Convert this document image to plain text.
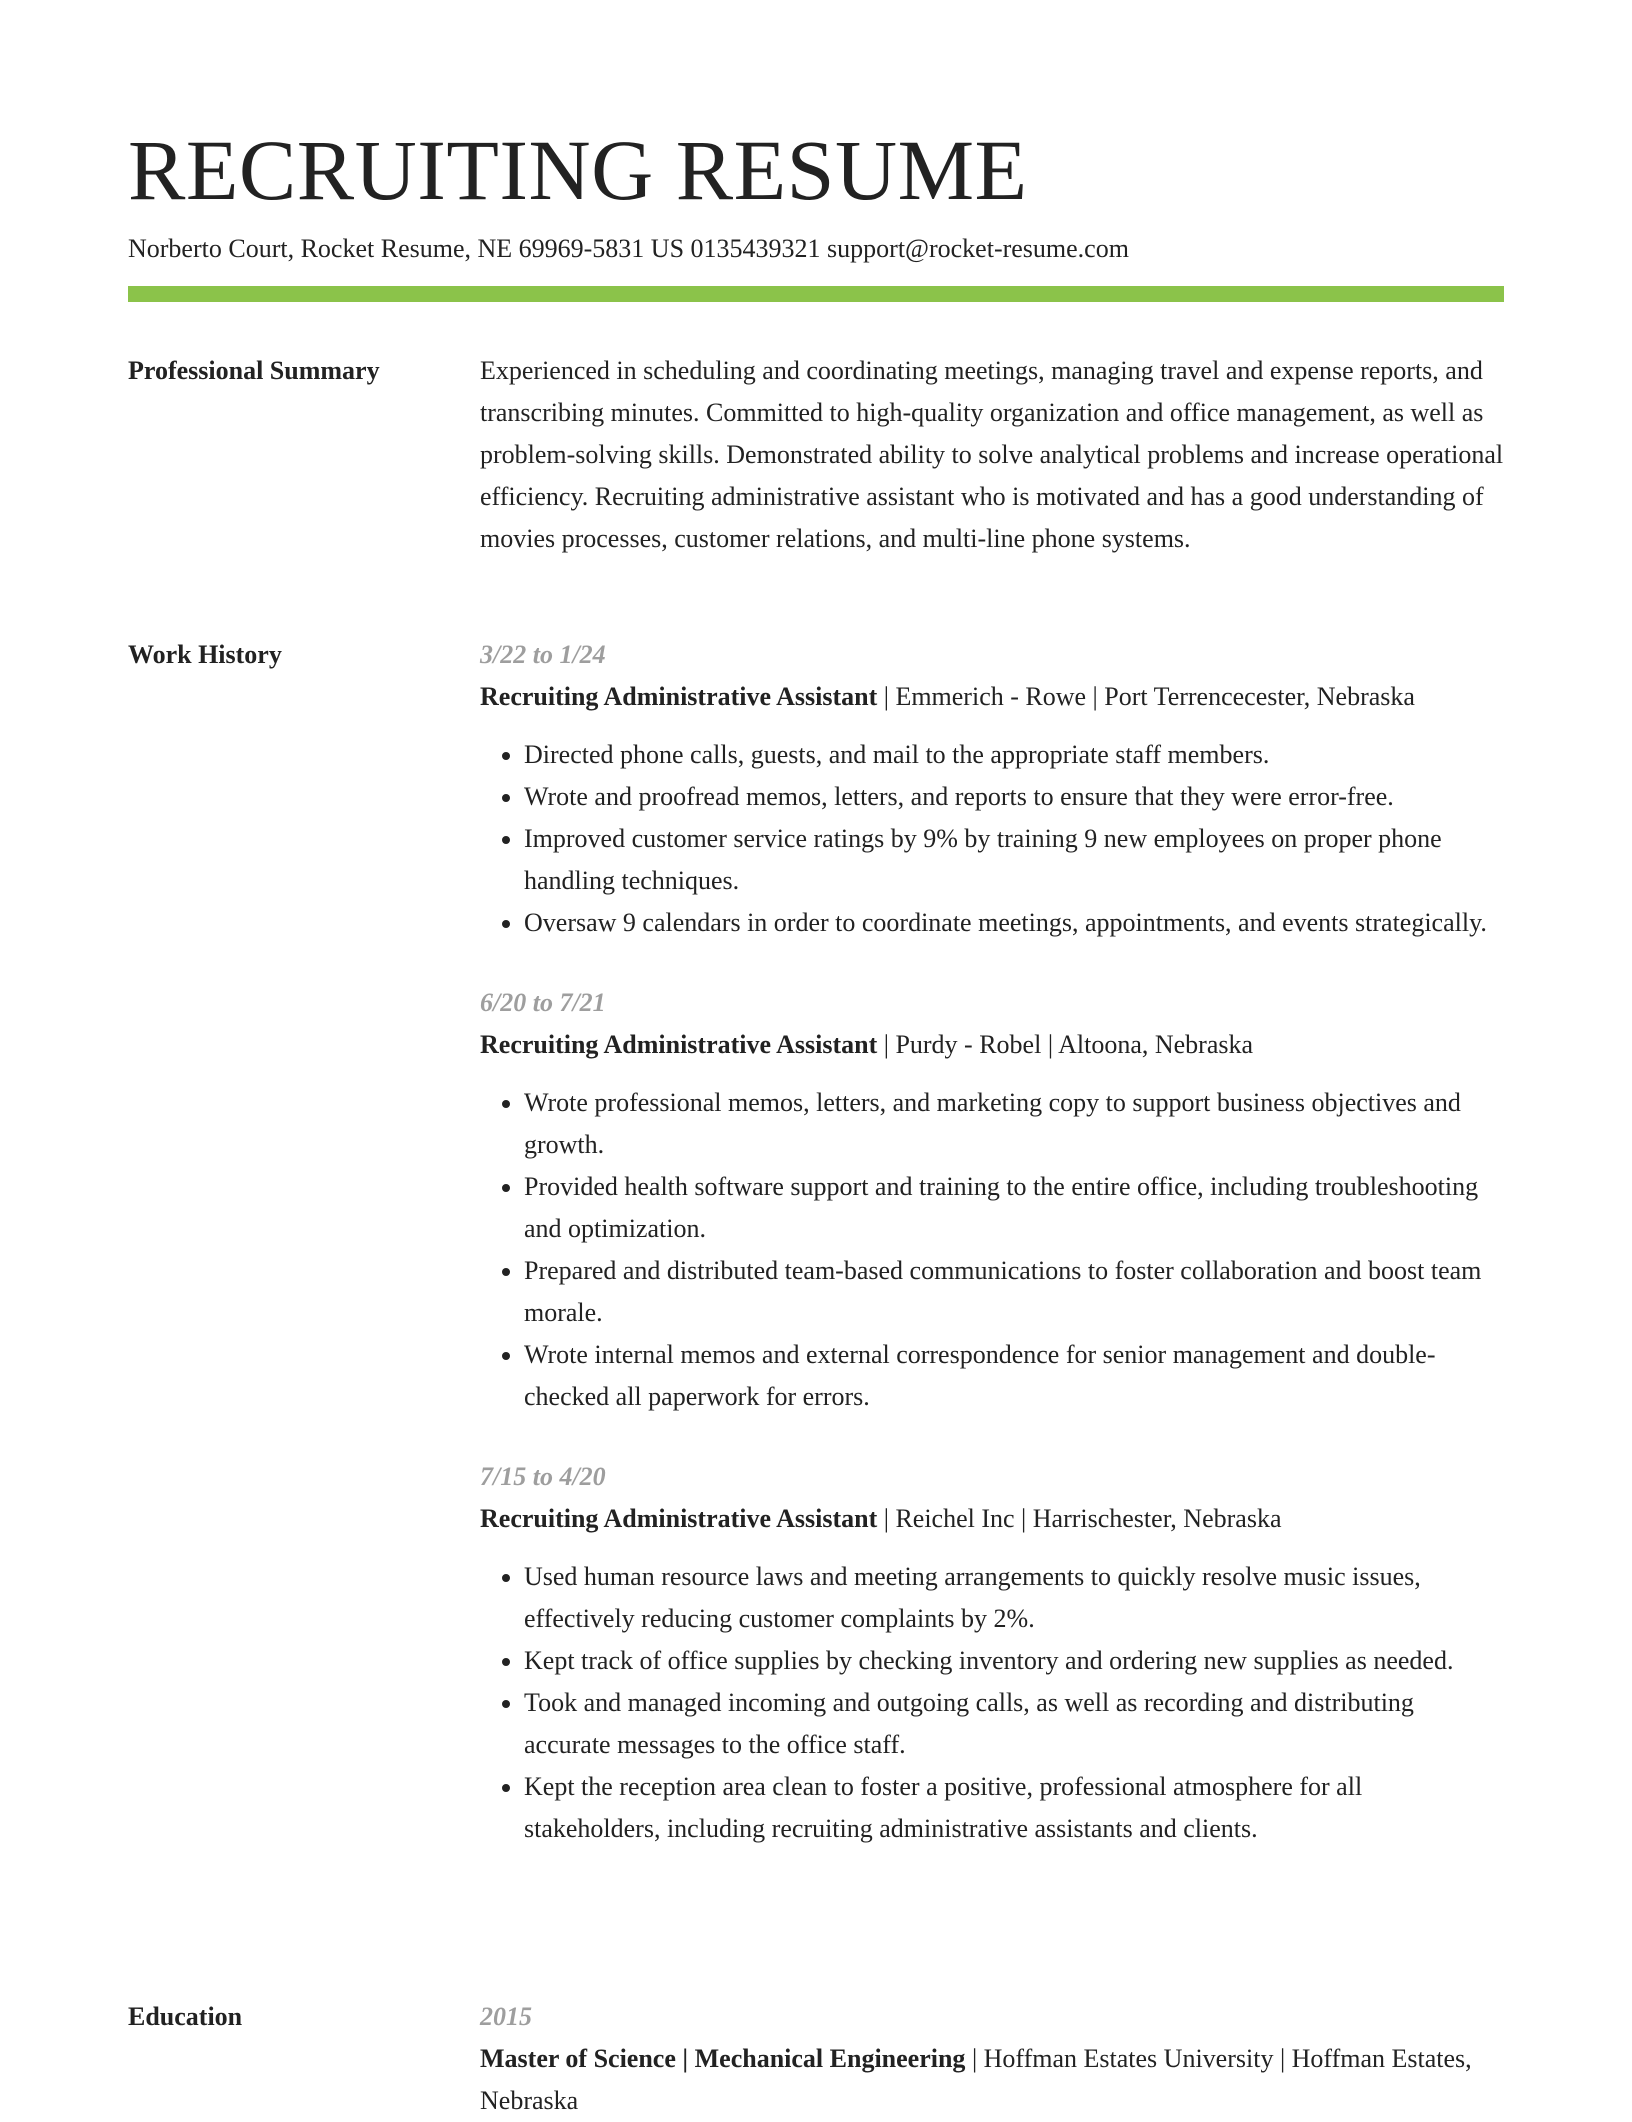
RECRUITING RESUME
Norberto Court, Rocket Resume, NE 69969-5831 US 0135439321 support@rocket-resume.com
Professional Summary	Experienced in scheduling and coordinating meetings, managing travel and expense reports, and transcribing minutes. Committed to high-quality organization and office management, as well as problem-solving skills. Demonstrated ability to solve analytical problems and increase operational efficiency. Recruiting administrative assistant who is motivated and has a good understanding of movies processes, customer relations, and multi-line phone systems.

Work History	3/22 to 1/24
Recruiting Administrative Assistant | Emmerich - Rowe | Port Terrencecester, Nebraska
• Directed phone calls, guests, and mail to the appropriate staff members.
• Wrote and proofread memos, letters, and reports to ensure that they were error-free.
• Improved customer service ratings by 9% by training 9 new employees on proper phone handling techniques.
• Oversaw 9 calendars in order to coordinate meetings, appointments, and events strategically.
6/20 to 7/21
Recruiting Administrative Assistant | Purdy - Robel | Altoona, Nebraska
• Wrote professional memos, letters, and marketing copy to support business objectives and growth.
• Provided health software support and training to the entire office, including troubleshooting and optimization.
• Prepared and distributed team-based communications to foster collaboration and boost team morale.
• Wrote internal memos and external correspondence for senior management and double-checked all paperwork for errors.
7/15 to 4/20
Recruiting Administrative Assistant | Reichel Inc | Harrischester, Nebraska
• Used human resource laws and meeting arrangements to quickly resolve music issues, effectively reducing customer complaints by 2%.
• Kept track of office supplies by checking inventory and ordering new supplies as needed.
• Took and managed incoming and outgoing calls, as well as recording and distributing accurate messages to the office staff.
• Kept the reception area clean to foster a positive, professional atmosphere for all stakeholders, including recruiting administrative assistants and clients.
Education	2015
Master of Science | Mechanical Engineering | Hoffman Estates University | Hoffman Estates, Nebraska
